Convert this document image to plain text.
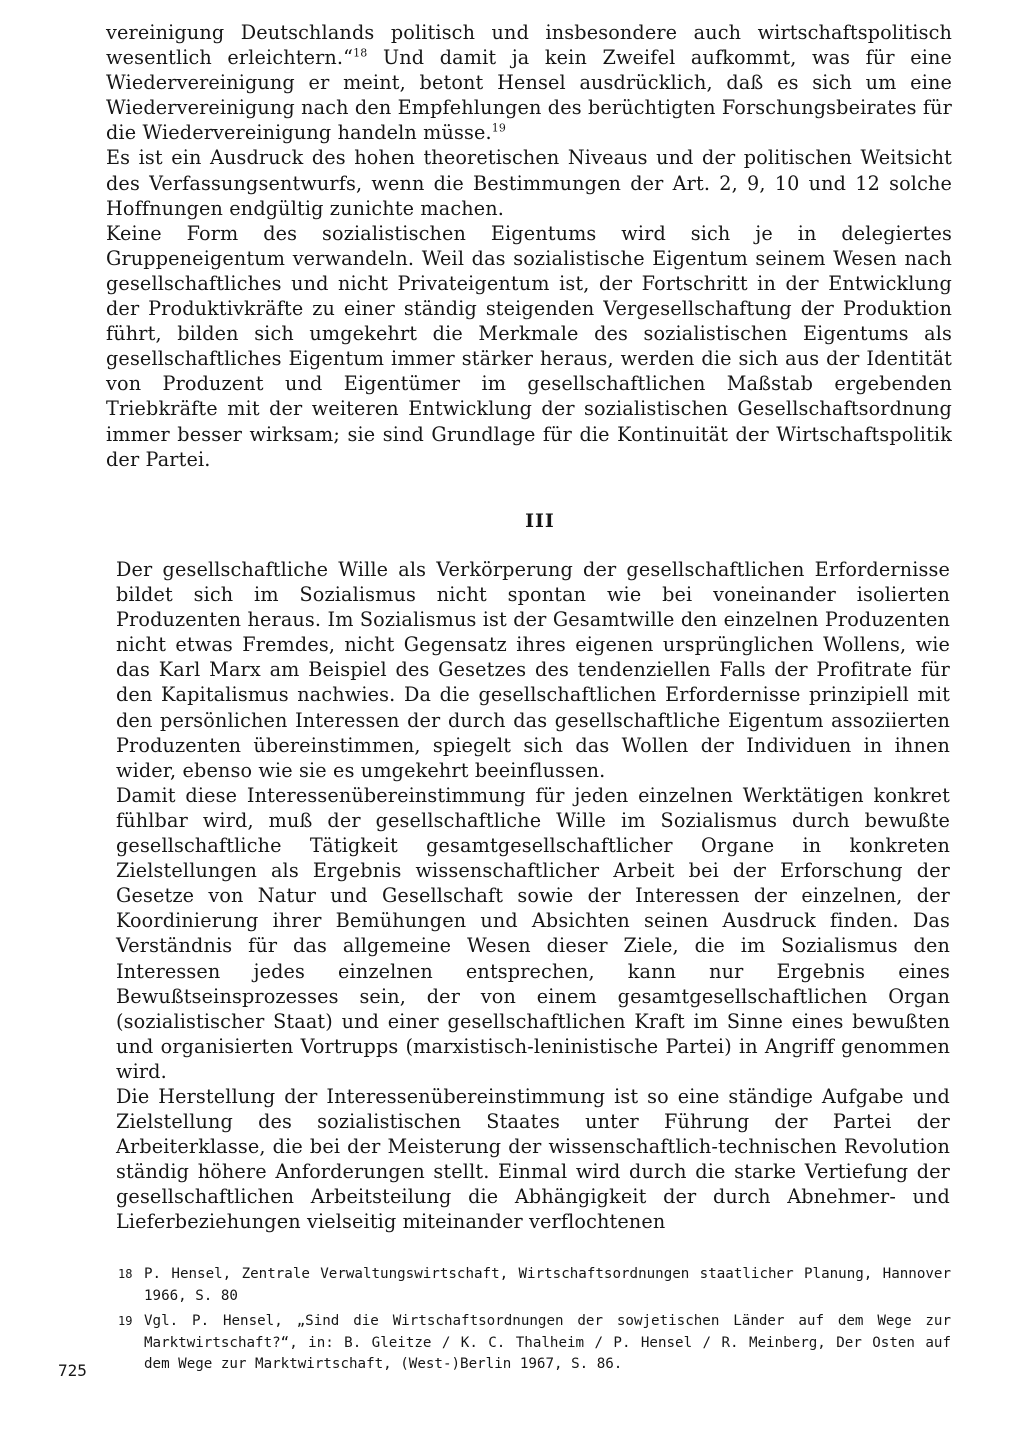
vereinigung Deutschlands politisch und insbesondere auch wirtschaftspolitisch wesentlich erleichtern.“$^{18}$ Und damit ja kein Zweifel aufkommt, was für eine Wiedervereinigung er meint, betont Hensel ausdrücklich, daß es sich um eine Wiedervereinigung nach den Empfehlungen des berüchtigten Forschungsbeirates für die Wiedervereinigung handeln müsse.$^{19}$

Es ist ein Ausdruck des hohen theoretischen Niveaus und der politischen Weitsicht des Verfassungsentwurfs, wenn die Bestimmungen der Art. 2, 9, 10 und 12 solche Hoffnungen endgültig zunichte machen.

Keine Form des sozialistischen Eigentums wird sich je in delegiertes Gruppeneigentum verwandeln. Weil das sozialistische Eigentum seinem Wesen nach gesellschaftliches und nicht Privateigentum ist, der Fortschritt in der Entwicklung der Produktivkräfte zu einer ständig steigenden Vergesellschaftung der Produktion führt, bilden sich umgekehrt die Merkmale des sozialistischen Eigentums als gesellschaftliches Eigentum immer stärker heraus, werden die sich aus der Identität von Produzent und Eigentümer im gesellschaftlichen Maßstab ergebenden Triebkräfte mit der weiteren Entwicklung der sozialistischen Gesellschaftsordnung immer besser wirksam; sie sind Grundlage für die Kontinuität der Wirtschaftspolitik der Partei.

III

Der gesellschaftliche Wille als Verkörperung der gesellschaftlichen Erfordernisse bildet sich im Sozialismus nicht spontan wie bei voneinander isolierten Produzenten heraus. Im Sozialismus ist der Gesamtwille den einzelnen Produzenten nicht etwas Fremdes, nicht Gegensatz ihres eigenen ursprünglichen Wollens, wie das Karl Marx am Beispiel des Gesetzes des tendenziellen Falls der Profitrate für den Kapitalismus nachwies. Da die gesellschaftlichen Erfordernisse prinzipiell mit den persönlichen Interessen der durch das gesellschaftliche Eigentum assoziierten Produzenten übereinstimmen, spiegelt sich das Wollen der Individuen in ihnen wider, ebenso wie sie es umgekehrt beeinflussen.

Damit diese Interessenübereinstimmung für jeden einzelnen Werktätigen konkret fühlbar wird, muß der gesellschaftliche Wille im Sozialismus durch bewußte gesellschaftliche Tätigkeit gesamtgesellschaftlicher Organe in konkreten Zielstellungen als Ergebnis wissenschaftlicher Arbeit bei der Erforschung der Gesetze von Natur und Gesellschaft sowie der Interessen der einzelnen, der Koordinierung ihrer Bemühungen und Absichten seinen Ausdruck finden. Das Verständnis für das allgemeine Wesen dieser Ziele, die im Sozialismus den Interessen jedes einzelnen entsprechen, kann nur Ergebnis eines Bewußtseinsprozesses sein, der von einem gesamtgesellschaftlichen Organ (sozialistischer Staat) und einer gesellschaftlichen Kraft im Sinne eines bewußten und organisierten Vortrupps (marxistisch-leninistische Partei) in Angriff genommen wird.

Die Herstellung der Interessenübereinstimmung ist so eine ständige Aufgabe und Zielstellung des sozialistischen Staates unter Führung der Partei der Arbeiterklasse, die bei der Meisterung der wissenschaftlich-technischen Revolution ständig höhere Anforderungen stellt. Einmal wird durch die starke Vertiefung der gesellschaftlichen Arbeitsteilung die Abhängigkeit der durch Abnehmer- und Lieferbeziehungen vielseitig miteinander verflochtenen

18 P. Hensel, Zentrale Verwaltungswirtschaft, Wirtschaftsordnungen staatlicher Planung, Hannover 1966, S. 80
19 Vgl. P. Hensel, „Sind die Wirtschaftsordnungen der sowjetischen Länder auf dem Wege zur Marktwirtschaft?“, in: B. Gleitze / K. C. Thalheim / P. Hensel / R. Meinberg, Der Osten auf dem Wege zur Marktwirtschaft, (West-)Berlin 1967, S. 86.

725
